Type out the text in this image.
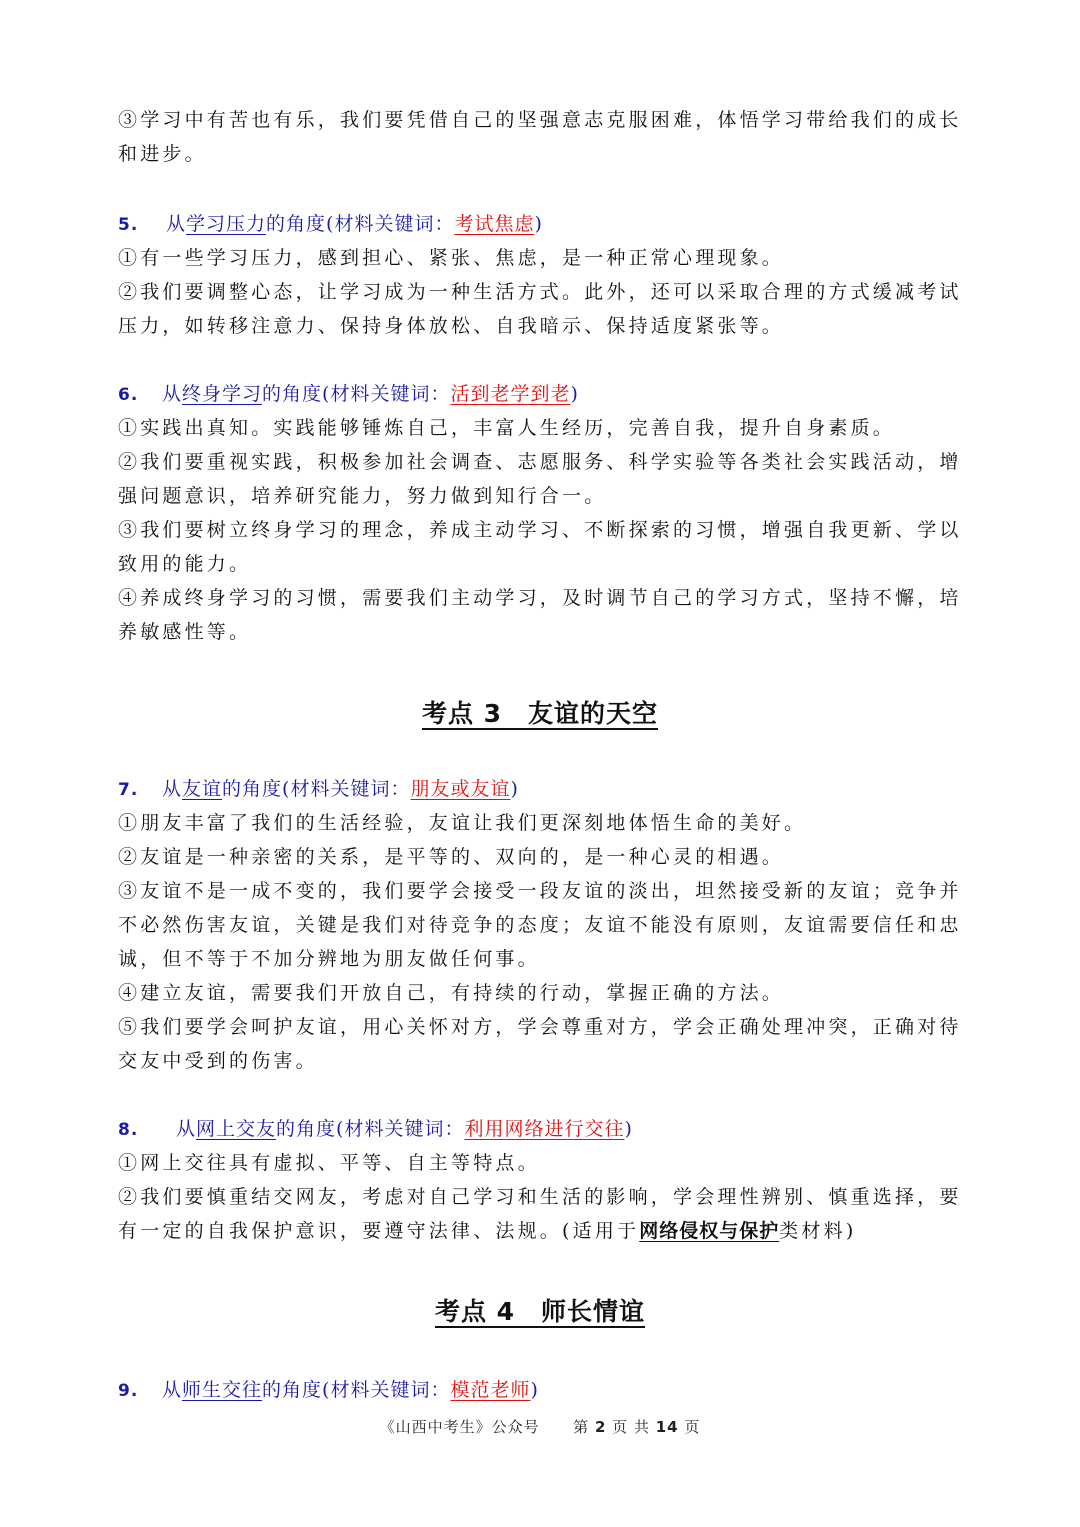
③学习中有苦也有乐，我们要凭借自己的坚强意志克服困难，体悟学习带给我们的成长和进步。

5. 从学习压力的角度(材料关键词：考试焦虑)

①有一些学习压力，感到担心、紧张、焦虑，是一种正常心理现象。

②我们要调整心态，让学习成为一种生活方式。此外，还可以采取合理的方式缓减考试压力，如转移注意力、保持身体放松、自我暗示、保持适度紧张等。

6. 从终身学习的角度(材料关键词：活到老学到老)

①实践出真知。实践能够锤炼自己，丰富人生经历，完善自我，提升自身素质。

②我们要重视实践，积极参加社会调查、志愿服务、科学实验等各类社会实践活动，增强问题意识，培养研究能力，努力做到知行合一。

③我们要树立终身学习的理念，养成主动学习、不断探索的习惯，增强自我更新、学以致用的能力。

④养成终身学习的习惯，需要我们主动学习，及时调节自己的学习方式，坚持不懈，培养敏感性等。

考点 3　友谊的天空
7. 从友谊的角度(材料关键词：朋友或友谊)

①朋友丰富了我们的生活经验，友谊让我们更深刻地体悟生命的美好。

②友谊是一种亲密的关系，是平等的、双向的，是一种心灵的相遇。

③友谊不是一成不变的，我们要学会接受一段友谊的淡出，坦然接受新的友谊；竞争并不必然伤害友谊，关键是我们对待竞争的态度；友谊不能没有原则，友谊需要信任和忠诚，但不等于不加分辨地为朋友做任何事。

④建立友谊，需要我们开放自己，有持续的行动，掌握正确的方法。

⑤我们要学会呵护友谊，用心关怀对方，学会尊重对方，学会正确处理冲突，正确对待交友中受到的伤害。

8. 从网上交友的角度(材料关键词：利用网络进行交往)

①网上交往具有虚拟、平等、自主等特点。

②我们要慎重结交网友，考虑对自己学习和生活的影响，学会理性辨别、慎重选择，要有一定的自我保护意识，要遵守法律、法规。(适用于网络侵权与保护类材料)

考点 4　师长情谊
9. 从师生交往的角度(材料关键词：模范老师)
《山西中考生》公众号 第 2 页 共 14 页
